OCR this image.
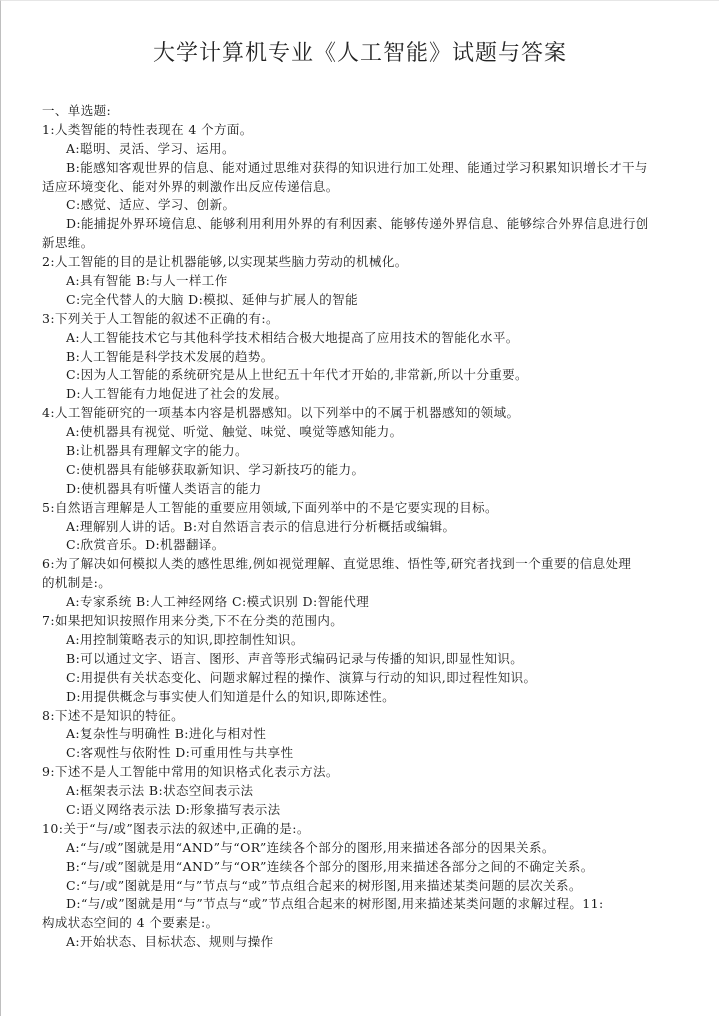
大学计算机专业《人工智能》试题与答案
一、单选题:
1:人类智能的特性表现在 4 个方面。
A:聪明、灵活、学习、运用。
B:能感知客观世界的信息、能对通过思维对获得的知识进行加工处理、能通过学习积累知识增长才干与
适应环境变化、能对外界的刺激作出反应传递信息。
C:感觉、适应、学习、创新。
D:能捕捉外界环境信息、能够利用利用外界的有利因素、能够传递外界信息、能够综合外界信息进行创
新思维。
2:人工智能的目的是让机器能够,以实现某些脑力劳动的机械化。
A:具有智能 B:与人一样工作
C:完全代替人的大脑 D:模拟、延伸与扩展人的智能
3:下列关于人工智能的叙述不正确的有:。
A:人工智能技术它与其他科学技术相结合极大地提高了应用技术的智能化水平。
B:人工智能是科学技术发展的趋势。
C:因为人工智能的系统研究是从上世纪五十年代才开始的,非常新,所以十分重要。
D:人工智能有力地促进了社会的发展。
4:人工智能研究的一项基本内容是机器感知。以下列举中的不属于机器感知的领域。
A:使机器具有视觉、听觉、触觉、味觉、嗅觉等感知能力。
B:让机器具有理解文字的能力。
C:使机器具有能够获取新知识、学习新技巧的能力。
D:使机器具有听懂人类语言的能力
5:自然语言理解是人工智能的重要应用领域,下面列举中的不是它要实现的目标。
A:理解别人讲的话。B:对自然语言表示的信息进行分析概括或编辑。
C:欣赏音乐。D:机器翻译。
6:为了解决如何模拟人类的感性思维,例如视觉理解、直觉思维、悟性等,研究者找到一个重要的信息处理
的机制是:。
A:专家系统 B:人工神经网络 C:模式识别 D:智能代理
7:如果把知识按照作用来分类,下不在分类的范围内。
A:用控制策略表示的知识,即控制性知识。
B:可以通过文字、语言、图形、声音等形式编码记录与传播的知识,即显性知识。
C:用提供有关状态变化、问题求解过程的操作、演算与行动的知识,即过程性知识。
D:用提供概念与事实使人们知道是什么的知识,即陈述性。
8:下述不是知识的特征。
A:复杂性与明确性 B:进化与相对性
C:客观性与依附性 D:可重用性与共享性
9:下述不是人工智能中常用的知识格式化表示方法。
A:框架表示法 B:状态空间表示法
C:语义网络表示法 D:形象描写表示法
10:关于“与/或”图表示法的叙述中,正确的是:。
A:“与/或”图就是用“AND”与“OR”连续各个部分的图形,用来描述各部分的因果关系。
B:“与/或”图就是用“AND”与“OR”连续各个部分的图形,用来描述各部分之间的不确定关系。
C:“与/或”图就是用“与”节点与“或”节点组合起来的树形图,用来描述某类问题的层次关系。
D:“与/或”图就是用“与”节点与“或”节点组合起来的树形图,用来描述某类问题的求解过程。11:
构成状态空间的 4 个要素是:。
A:开始状态、目标状态、规则与操作
